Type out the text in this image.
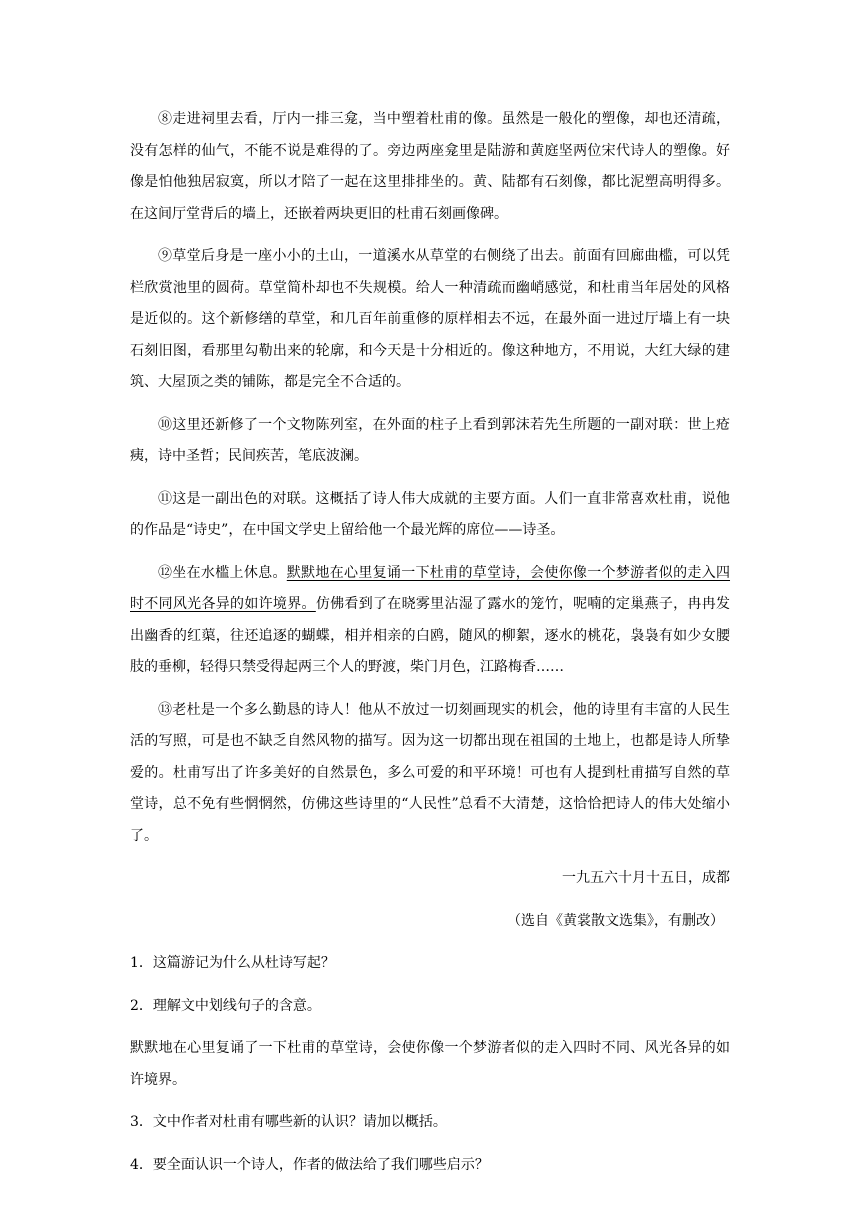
⑧走进祠里去看，厅内一排三龛，当中塑着杜甫的像。虽然是一般化的塑像，却也还清疏，没有怎样的仙气，不能不说是难得的了。旁边两座龛里是陆游和黄庭坚两位宋代诗人的塑像。好像是怕他独居寂寞，所以才陪了一起在这里排排坐的。黄、陆都有石刻像，都比泥塑高明得多。在这间厅堂背后的墙上，还嵌着两块更旧的杜甫石刻画像碑。

⑨草堂后身是一座小小的土山，一道溪水从草堂的右侧绕了出去。前面有回廊曲槛，可以凭栏欣赏池里的圆荷。草堂简朴却也不失规模。给人一种清疏而幽峭感觉，和杜甫当年居处的风格是近似的。这个新修缮的草堂，和几百年前重修的原样相去不远，在最外面一进过厅墙上有一块石刻旧图，看那里勾勒出来的轮廓，和今天是十分相近的。像这种地方，不用说，大红大绿的建筑、大屋顶之类的铺陈，都是完全不合适的。

⑩这里还新修了一个文物陈列室，在外面的柱子上看到郭沫若先生所题的一副对联：世上疮痍，诗中圣哲；民间疾苦，笔底波澜。

⑪这是一副出色的对联。这概括了诗人伟大成就的主要方面。人们一直非常喜欢杜甫，说他的作品是“诗史”，在中国文学史上留给他一个最光辉的席位——诗圣。

⑫坐在水槛上休息。默默地在心里复诵一下杜甫的草堂诗，会使你像一个梦游者似的走入四时不同风光各异的如许境界。仿佛看到了在晓雾里沾湿了露水的笼竹，呢喃的定巢燕子，冉冉发出幽香的红蕖，往还追逐的蝴蝶，相并相亲的白鸥，随风的柳絮，逐水的桃花，袅袅有如少女腰肢的垂柳，轻得只禁受得起两三个人的野渡，柴门月色，江路梅香……

⑬老杜是一个多么勤恳的诗人！他从不放过一切刻画现实的机会，他的诗里有丰富的人民生活的写照，可是也不缺乏自然风物的描写。因为这一切都出现在祖国的土地上，也都是诗人所挚爱的。杜甫写出了许多美好的自然景色，多么可爱的和平环境！可也有人提到杜甫描写自然的草堂诗，总不免有些惘惘然，仿佛这些诗里的“人民性”总看不大清楚，这恰恰把诗人的伟大处缩小了。

一九五六十月十五日，成都

（选自《黄裳散文选集》，有删改）

1．这篇游记为什么从杜诗写起？

2．理解文中划线句子的含意。

默默地在心里复诵了一下杜甫的草堂诗，会使你像一个梦游者似的走入四时不同、风光各异的如许境界。

3．文中作者对杜甫有哪些新的认识？请加以概括。

4．要全面认识一个诗人，作者的做法给了我们哪些启示？
